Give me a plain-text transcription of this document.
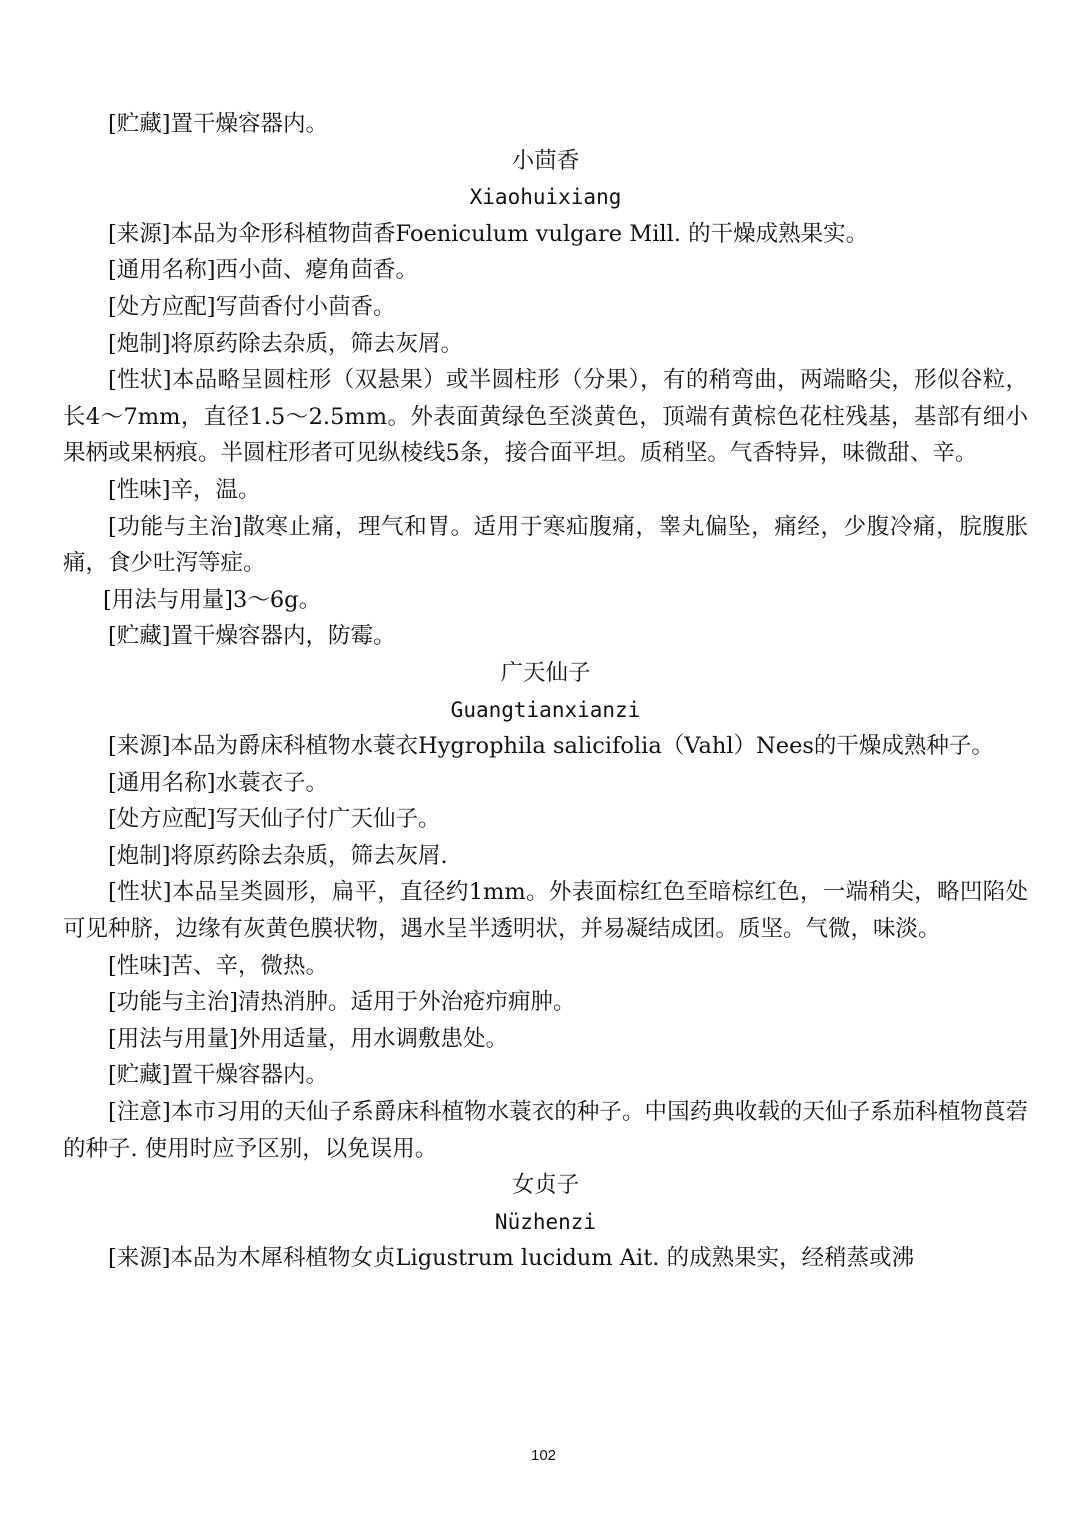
[贮藏]置干燥容器内。

小茴香

Xiaohuixiang

[来源]本品为伞形科植物茴香Foeniculum vulgare Mill. 的干燥成熟果实。

[通用名称]西小茴、瘪角茴香。

[处方应配]写茴香付小茴香。

[炮制]将原药除去杂质，筛去灰屑。

[性状]本品略呈圆柱形（双悬果）或半圆柱形（分果），有的稍弯曲，两端略尖，形似谷粒，长4～7mm，直径1.5～2.5mm。外表面黄绿色至淡黄色，顶端有黄棕色花柱残基，基部有细小果柄或果柄痕。半圆柱形者可见纵棱线5条，接合面平坦。质稍坚。气香特异，味微甜、辛。

[性味]辛，温。

[功能与主治]散寒止痛，理气和胃。适用于寒疝腹痛，睾丸偏坠，痛经，少腹冷痛，脘腹胀痛，食少吐泻等症。

[用法与用量]3～6g。

[贮藏]置干燥容器内，防霉。

广天仙子

Guangtianxianzi

[来源]本品为爵床科植物水蓑衣Hygrophila salicifolia（Vahl）Nees的干燥成熟种子。

[通用名称]水蓑衣子。

[处方应配]写天仙子付广天仙子。

[炮制]将原药除去杂质，筛去灰屑.

[性状]本品呈类圆形，扁平，直径约1mm。外表面棕红色至暗棕红色，一端稍尖，略凹陷处可见种脐，边缘有灰黄色膜状物，遇水呈半透明状，并易凝结成团。质坚。气微，味淡。

[性味]苦、辛，微热。

[功能与主治]清热消肿。适用于外治疮疖痈肿。

[用法与用量]外用适量，用水调敷患处。

[贮藏]置干燥容器内。

[注意]本市习用的天仙子系爵床科植物水蓑衣的种子。中国药典收载的天仙子系茄科植物莨菪的种子. 使用时应予区别，以免误用。

女贞子

Nüzhenzi

[来源]本品为木犀科植物女贞Ligustrum lucidum Ait. 的成熟果实，经稍蒸或沸

102
